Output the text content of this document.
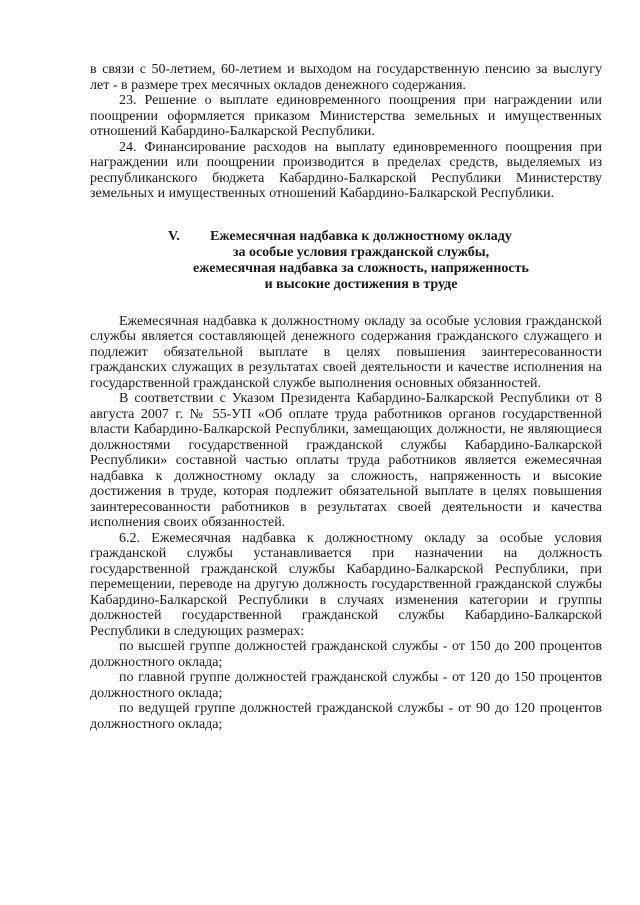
в связи с 50-летием, 60-летием и выходом на государственную пенсию за выслугу лет - в размере трех месячных окладов денежного содержания.

23. Решение о выплате единовременного поощрения при награждении или поощрении оформляется приказом Министерства земельных и имущественных отношений Кабардино-Балкарской Республики.

24. Финансирование расходов на выплату единовременного поощрения при награждении или поощрении производится в пределах средств, выделяемых из республиканского бюджета Кабардино-Балкарской Республики Министерству земельных и имущественных отношений Кабардино-Балкарской Республики.

V.	Ежемесячная надбавка к должностному окладу
за особые условия гражданской службы,
ежемесячная надбавка за сложность, напряженность
и высокие достижения в труде

Ежемесячная надбавка к должностному окладу за особые условия гражданской службы является составляющей денежного содержания гражданского служащего и подлежит обязательной выплате в целях повышения заинтересованности гражданских служащих в результатах своей деятельности и качестве исполнения на государственной гражданской службе выполнения основных обязанностей.

В соответствии с Указом Президента Кабардино-Балкарской Республики от 8 августа 2007 г. № 55-УП «Об оплате труда работников органов государственной власти Кабардино-Балкарской Республики, замещающих должности, не являющиеся должностями государственной гражданской службы Кабардино-Балкарской Республики» составной частью оплаты труда работников является ежемесячная надбавка к должностному окладу за сложность, напряженность и высокие достижения в труде, которая подлежит обязательной выплате в целях повышения заинтересованности работников в результатах своей деятельности и качества исполнения своих обязанностей.

6.2. Ежемесячная надбавка к должностному окладу за особые условия гражданской службы устанавливается при назначении на должность государственной гражданской службы Кабардино-Балкарской Республики, при перемещении, переводе на другую должность государственной гражданской службы Кабардино-Балкарской Республики в случаях изменения категории и группы должностей государственной гражданской службы Кабардино-Балкарской Республики в следующих размерах:

по высшей группе должностей гражданской службы - от 150 до 200 процентов должностного оклада;

по главной группе должностей гражданской службы - от 120 до 150 процентов должностного оклада;

по ведущей группе должностей гражданской службы - от 90 до 120 процентов должностного оклада;
